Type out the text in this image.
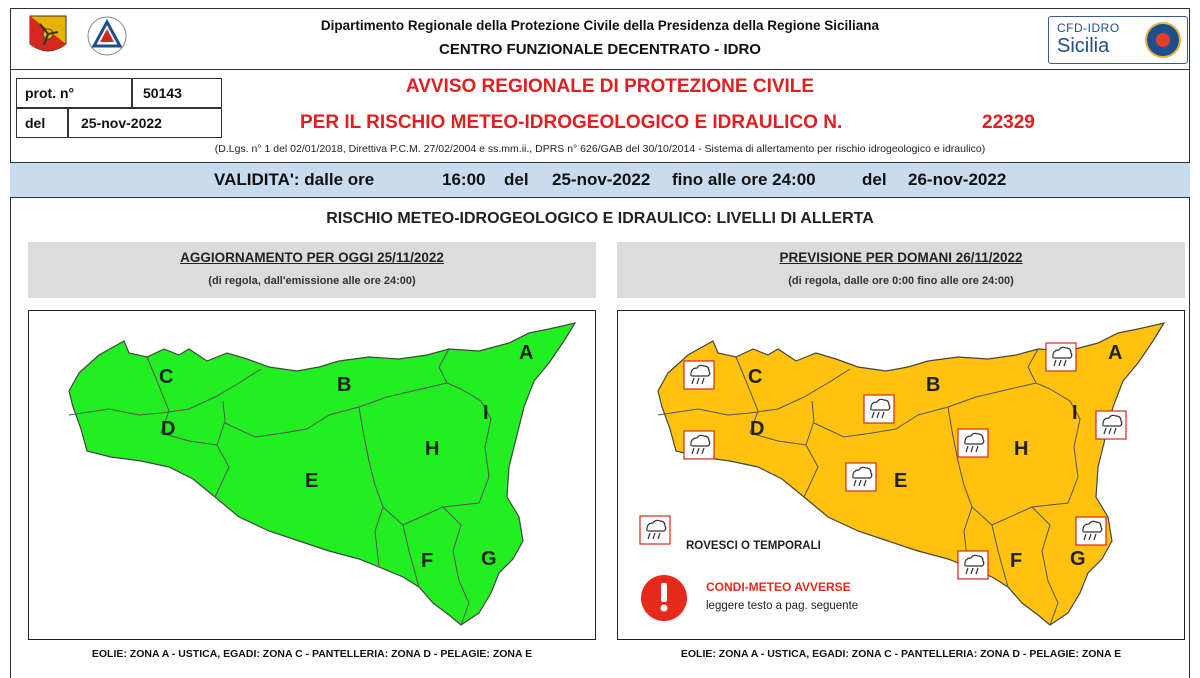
Dipartimento Regionale della Protezione Civile della Presidenza della Regione Siciliana
CENTRO FUNZIONALE DECENTRATO - IDRO
CFD-IDRO
Sicilia
prot. n°	50143
del	25-nov-2022
AVVISO REGIONALE DI PROTEZIONE CIVILE
PER IL RISCHIO METEO-IDROGEOLOGICO E IDRAULICO N.	22329
(D.Lgs. n° 1 del 02/01/2018, Direttiva P.C.M. 27/02/2004 e ss.mm.ii., DPRS n° 626/GAB del 30/10/2014 - Sistema di allertamento per rischio idrogeologico e idraulico)
VALIDITA': dalle ore	16:00 del 25-nov-2022 fino alle ore 24:00	del 26-nov-2022
RISCHIO METEO-IDROGEOLOGICO E IDRAULICO: LIVELLI DI ALLERTA
AGGIORNAMENTO PER OGGI 25/11/2022
(di regola, dall'emissione alle ore 24:00)
A
B
C
D
E
F G
H
I
EOLIE: ZONA A - USTICA, EGADI: ZONA C - PANTELLERIA: ZONA D - PELAGIE: ZONA E
PREVISIONE PER DOMANI 26/11/2022
(di regola, dalle ore 0:00 fino alle ore 24:00)
A
B
C
D
E
F G
H
I
ROVESCI O TEMPORALI
CONDI-METEO AVVERSE
leggere testo a pag. seguente
EOLIE: ZONA A - USTICA, EGADI: ZONA C - PANTELLERIA: ZONA D - PELAGIE: ZONA E
